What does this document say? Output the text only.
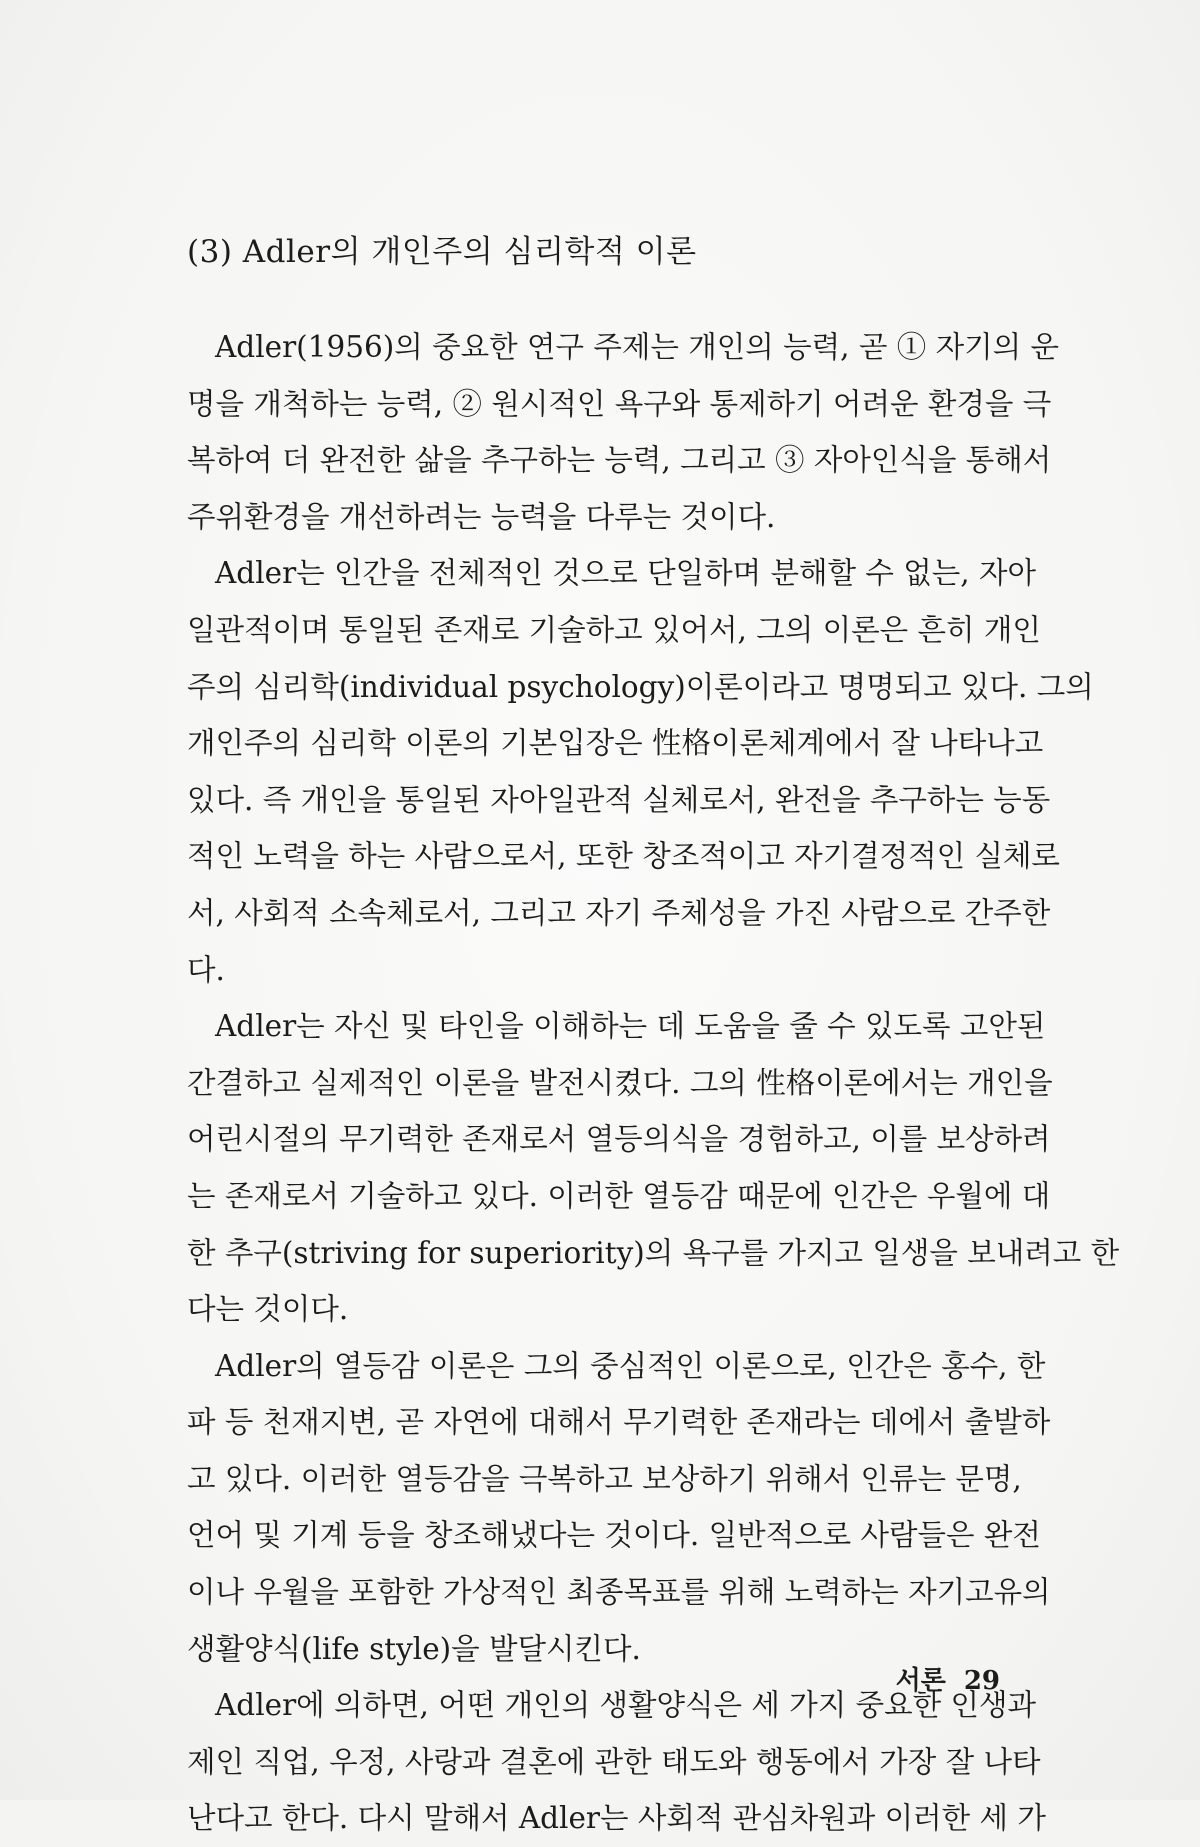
(3) Adler의 개인주의 심리학적 이론
Adler(1956)의 중요한 연구 주제는 개인의 능력, 곧 ① 자기의 운
명을 개척하는 능력, ② 원시적인 욕구와 통제하기 어려운 환경을 극
복하여 더 완전한 삶을 추구하는 능력, 그리고 ③ 자아인식을 통해서
주위환경을 개선하려는 능력을 다루는 것이다.
Adler는 인간을 전체적인 것으로 단일하며 분해할 수 없는, 자아
일관적이며 통일된 존재로 기술하고 있어서, 그의 이론은 흔히 개인
주의 심리학(individual psychology)이론이라고 명명되고 있다. 그의
개인주의 심리학 이론의 기본입장은 性格이론체계에서 잘 나타나고
있다. 즉 개인을 통일된 자아일관적 실체로서, 완전을 추구하는 능동
적인 노력을 하는 사람으로서, 또한 창조적이고 자기결정적인 실체로
서, 사회적 소속체로서, 그리고 자기 주체성을 가진 사람으로 간주한
다.
Adler는 자신 및 타인을 이해하는 데 도움을 줄 수 있도록 고안된
간결하고 실제적인 이론을 발전시켰다. 그의 性格이론에서는 개인을
어린시절의 무기력한 존재로서 열등의식을 경험하고, 이를 보상하려
는 존재로서 기술하고 있다. 이러한 열등감 때문에 인간은 우월에 대
한 추구(striving for superiority)의 욕구를 가지고 일생을 보내려고 한
다는 것이다.
Adler의 열등감 이론은 그의 중심적인 이론으로, 인간은 홍수, 한
파 등 천재지변, 곧 자연에 대해서 무기력한 존재라는 데에서 출발하
고 있다. 이러한 열등감을 극복하고 보상하기 위해서 인류는 문명,
언어 및 기계 등을 창조해냈다는 것이다. 일반적으로 사람들은 완전
이나 우월을 포함한 가상적인 최종목표를 위해 노력하는 자기고유의
생활양식(life style)을 발달시킨다.
Adler에 의하면, 어떤 개인의 생활양식은 세 가지 중요한 인생과
제인 직업, 우정, 사랑과 결혼에 관한 태도와 행동에서 가장 잘 나타
난다고 한다. 다시 말해서 Adler는 사회적 관심차원과 이러한 세 가
서론 29
